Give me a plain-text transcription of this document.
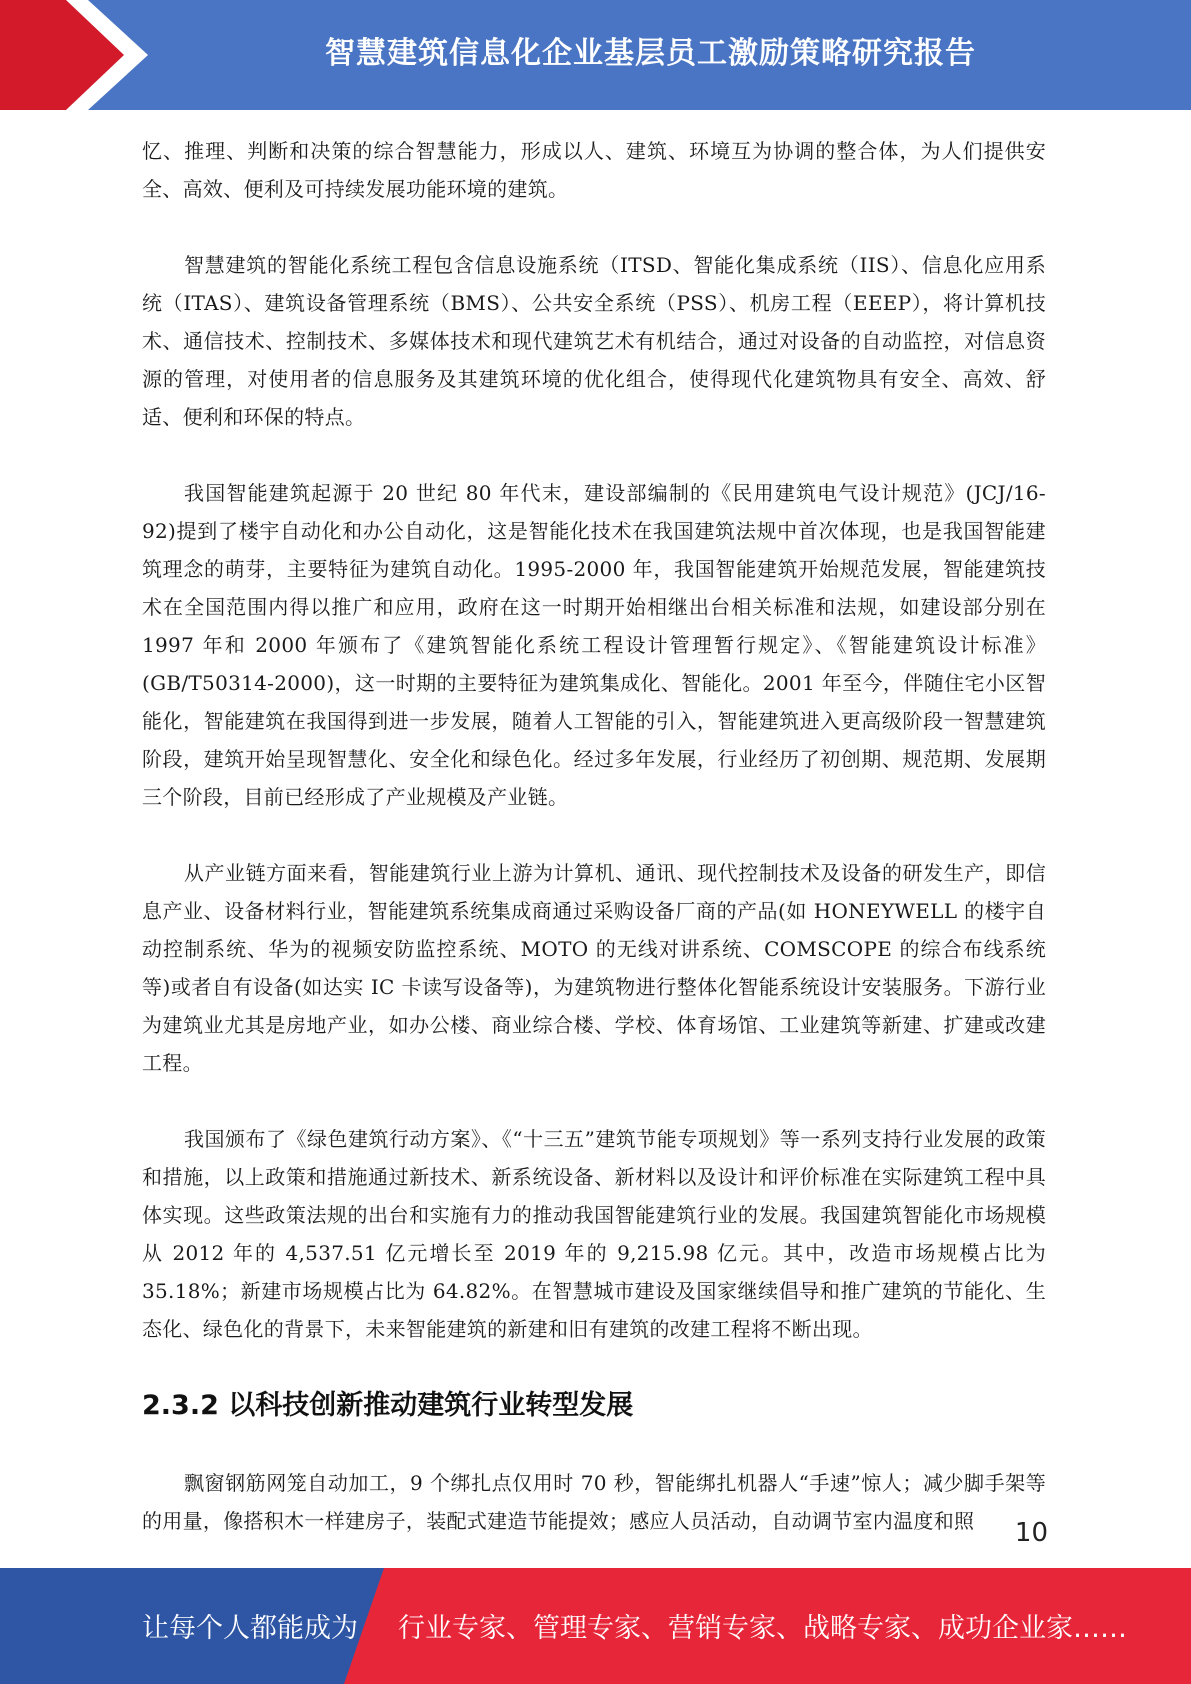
智慧建筑信息化企业基层员工激励策略研究报告

忆、推理、判断和决策的综合智慧能力，形成以人、建筑、环境互为协调的整合体，为人们提供安全、高效、便利及可持续发展功能环境的建筑。

智慧建筑的智能化系统工程包含信息设施系统（ITSD、智能化集成系统（IIS）、信息化应用系统（ITAS）、建筑设备管理系统（BMS）、公共安全系统（PSS）、机房工程（EEEP），将计算机技术、通信技术、控制技术、多媒体技术和现代建筑艺术有机结合，通过对设备的自动监控，对信息资源的管理，对使用者的信息服务及其建筑环境的优化组合，使得现代化建筑物具有安全、高效、舒适、便利和环保的特点。

我国智能建筑起源于 20 世纪 80 年代末，建设部编制的《民用建筑电气设计规范》(JCJ/16-92)提到了楼宇自动化和办公自动化，这是智能化技术在我国建筑法规中首次体现，也是我国智能建筑理念的萌芽，主要特征为建筑自动化。1995-2000 年，我国智能建筑开始规范发展，智能建筑技术在全国范围内得以推广和应用，政府在这一时期开始相继出台相关标准和法规，如建设部分别在 1997 年和 2000 年颁布了《建筑智能化系统工程设计管理暂行规定》、《智能建筑设计标准》(GB/T50314-2000)，这一时期的主要特征为建筑集成化、智能化。2001 年至今，伴随住宅小区智能化，智能建筑在我国得到进一步发展，随着人工智能的引入，智能建筑进入更高级阶段一智慧建筑阶段，建筑开始呈现智慧化、安全化和绿色化。经过多年发展，行业经历了初创期、规范期、发展期三个阶段，目前已经形成了产业规模及产业链。

从产业链方面来看，智能建筑行业上游为计算机、通讯、现代控制技术及设备的研发生产，即信息产业、设备材料行业，智能建筑系统集成商通过采购设备厂商的产品(如 HONEYWELL 的楼宇自动控制系统、华为的视频安防监控系统、MOTO 的无线对讲系统、COMSCOPE 的综合布线系统等)或者自有设备(如达实 IC 卡读写设备等)，为建筑物进行整体化智能系统设计安装服务。下游行业为建筑业尤其是房地产业，如办公楼、商业综合楼、学校、体育场馆、工业建筑等新建、扩建或改建工程。

我国颁布了《绿色建筑行动方案》、《“十三五”建筑节能专项规划》等一系列支持行业发展的政策和措施，以上政策和措施通过新技术、新系统设备、新材料以及设计和评价标准在实际建筑工程中具体实现。这些政策法规的出台和实施有力的推动我国智能建筑行业的发展。我国建筑智能化市场规模从 2012 年的 4,537.51 亿元增长至 2019 年的 9,215.98 亿元。其中，改造市场规模占比为 35.18%；新建市场规模占比为 64.82%。在智慧城市建设及国家继续倡导和推广建筑的节能化、生态化、绿色化的背景下，未来智能建筑的新建和旧有建筑的改建工程将不断出现。

2.3.2 以科技创新推动建筑行业转型发展

飘窗钢筋网笼自动加工，9 个绑扎点仅用时 70 秒，智能绑扎机器人“手速”惊人；减少脚手架等的用量，像搭积木一样建房子，装配式建造节能提效；感应人员活动，自动调节室内温度和照	10
让每个人都能成为 行业专家、管理专家、营销专家、战略专家、成功企业家……
